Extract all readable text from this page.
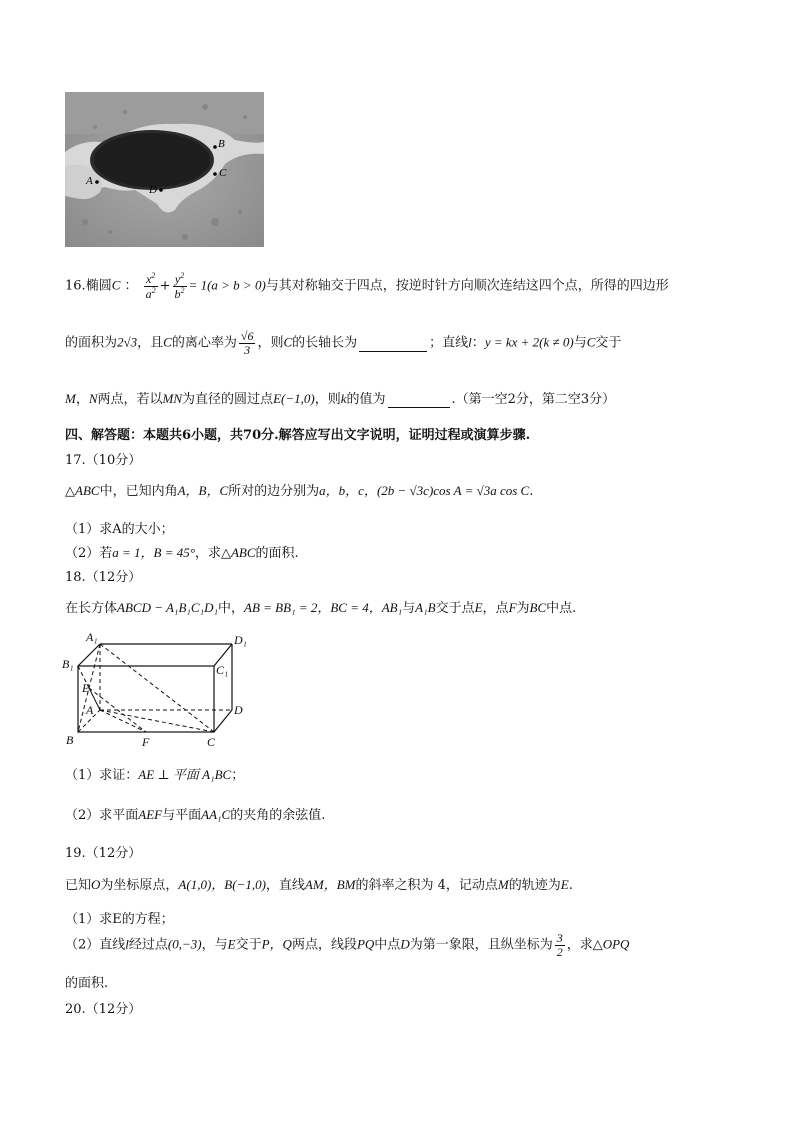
B
A
C
D
16.椭圆C ： $\frac{x^2}{a^2} + \frac{y^2}{b^2} = 1(a > b > 0)$与其对称轴交于四点，按逆时针方向顺次连结这四个点，所得的四边形
的面积为2√3，且C的离心率为 $\frac{√6}{3}$ ，则C的长轴长为	；直线l：y = kx + 2(k ≠ 0)与C交于
M，N两点，若以MN为直径的圆过点E(−1,0)，则k的值为	.（第一空2分，第二空3分）
四、解答题：本题共6小题，共70分.解答应写出文字说明，证明过程或演算步骤.
17.（10分）
△ABC中，已知内角A，B，C所对的边分别为a，b，c，(2b − √3c)cos A = √3a cos C.
（1）求A的大小；
（2）若a = 1，B = 45°，求△ABC的面积.
18.（12分）
在长方体ABCD − A₁B₁C₁D₁中，AB = BB₁ = 2，BC = 4，AB₁与A₁B交于点E，点F为BC中点.
A₁
B₁
D₁
C₁
E
A
B	F	C
D
（1）求证：AE ⊥ 平面 A₁BC；
（2）求平面AEF与平面AA₁C的夹角的余弦值.
19.（12分）
已知O为坐标原点，A(1,0)，B(−1,0)，直线AM，BM的斜率之积为 4，记动点M的轨迹为E.
（1）求E的方程；
（2）直线l经过点(0,−3)，与E交于P，Q两点，线段PQ中点D为第一象限，且纵坐标为 $\frac{3}{2}$ ，求△OPQ
的面积.
20.（12分）
